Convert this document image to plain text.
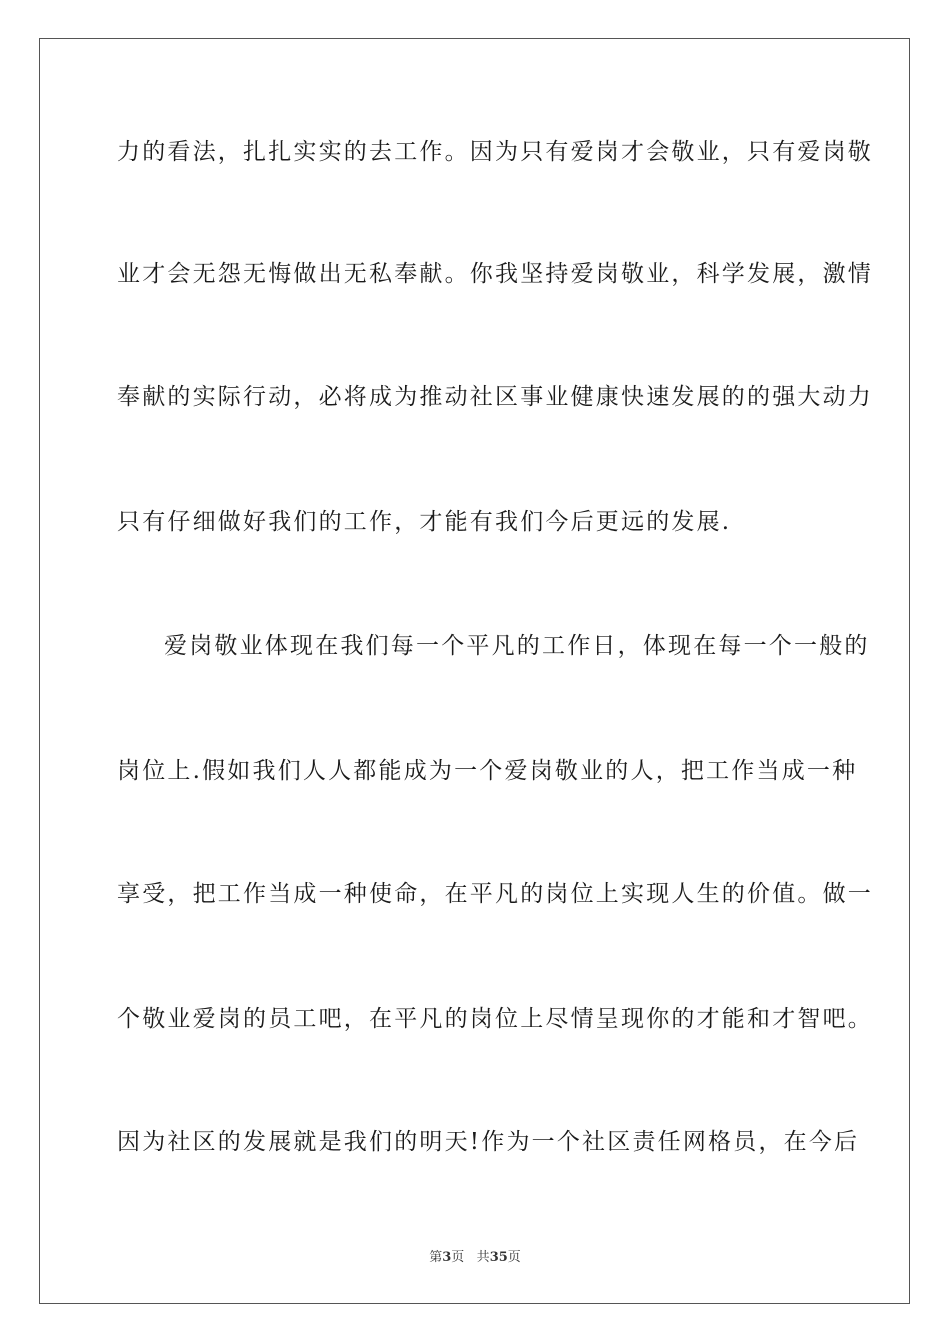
力的看法，扎扎实实的去工作。因为只有爱岗才会敬业，只有爱岗敬
业才会无怨无悔做出无私奉献。你我坚持爱岗敬业，科学发展，激情
奉献的实际行动，必将成为推动社区事业健康快速发展的的强大动力
只有仔细做好我们的工作，才能有我们今后更远的发展.
爱岗敬业体现在我们每一个平凡的工作日，体现在每一个一般的
岗位上.假如我们人人都能成为一个爱岗敬业的人，把工作当成一种
享受，把工作当成一种使命，在平凡的岗位上实现人生的价值。做一
个敬业爱岗的员工吧，在平凡的岗位上尽情呈现你的才能和才智吧。
因为社区的发展就是我们的明天!作为一个社区责任网格员，在今后
第3页 共35页
